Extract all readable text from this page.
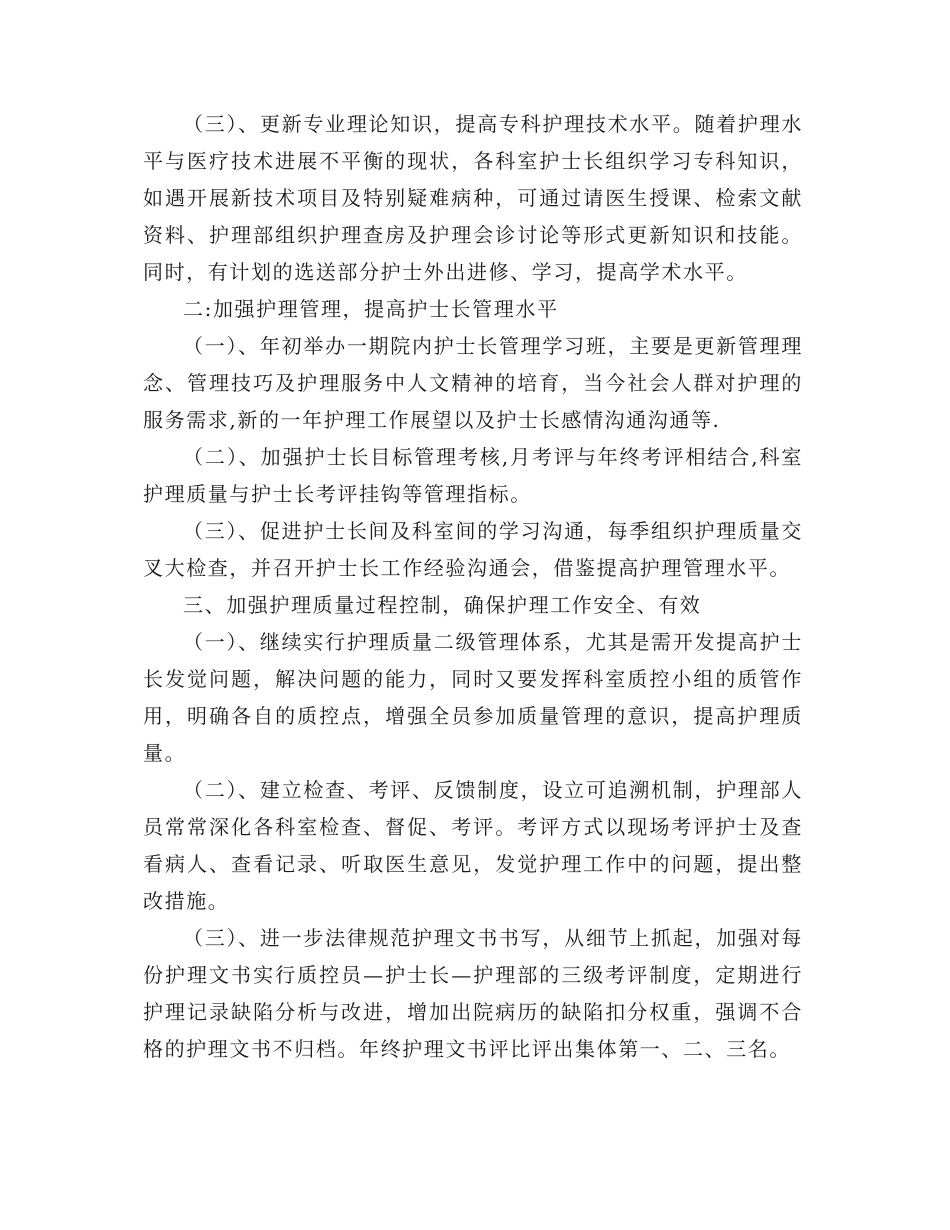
（三）、更新专业理论知识，提高专科护理技术水平。随着护理水平与医疗技术进展不平衡的现状，各科室护士长组织学习专科知识，如遇开展新技术项目及特别疑难病种，可通过请医生授课、检索文献资料、护理部组织护理查房及护理会诊讨论等形式更新知识和技能。同时，有计划的选送部分护士外出进修、学习，提高学术水平。

二:加强护理管理，提高护士长管理水平

（一）、年初举办一期院内护士长管理学习班，主要是更新管理理念、管理技巧及护理服务中人文精神的培育，当今社会人群对护理的服务需求,新的一年护理工作展望以及护士长感情沟通沟通等.

（二）、加强护士长目标管理考核,月考评与年终考评相结合,科室护理质量与护士长考评挂钩等管理指标。

（三）、促进护士长间及科室间的学习沟通，每季组织护理质量交叉大检查，并召开护士长工作经验沟通会，借鉴提高护理管理水平。

三、加强护理质量过程控制，确保护理工作安全、有效

（一）、继续实行护理质量二级管理体系，尤其是需开发提高护士长发觉问题，解决问题的能力，同时又要发挥科室质控小组的质管作用，明确各自的质控点，增强全员参加质量管理的意识，提高护理质量。

（二）、建立检查、考评、反馈制度，设立可追溯机制，护理部人员常常深化各科室检查、督促、考评。考评方式以现场考评护士及查看病人、查看记录、听取医生意见，发觉护理工作中的问题，提出整改措施。

（三）、进一步法律规范护理文书书写，从细节上抓起，加强对每份护理文书实行质控员—护士长—护理部的三级考评制度，定期进行护理记录缺陷分析与改进，增加出院病历的缺陷扣分权重，强调不合格的护理文书不归档。年终护理文书评比评出集体第一、二、三名。
